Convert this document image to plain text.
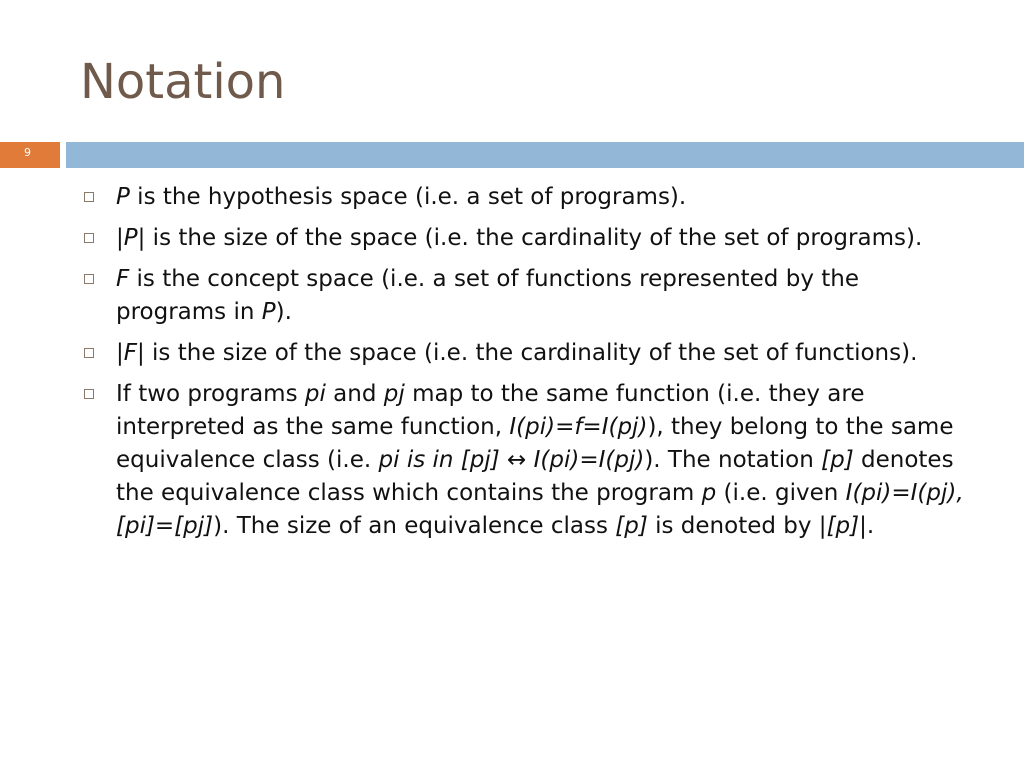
Notation
9
P is the hypothesis space (i.e. a set of programs).
|P| is the size of the space (i.e. the cardinality of the set of programs).
F is the concept space (i.e. a set of functions represented by the programs in P).
|F| is the size of the space (i.e. the cardinality of the set of functions).
If two programs pi and pj map to the same function (i.e. they are interpreted as the same function, I(pi)=f=I(pj)), they belong to the same equivalence class (i.e. pi is in [pj] ↔ I(pi)=I(pj)). The notation [p] denotes the equivalence class which contains the program p (i.e. given I(pi)=I(pj), [pi]=[pj]). The size of an equivalence class [p] is denoted by |[p]|.
